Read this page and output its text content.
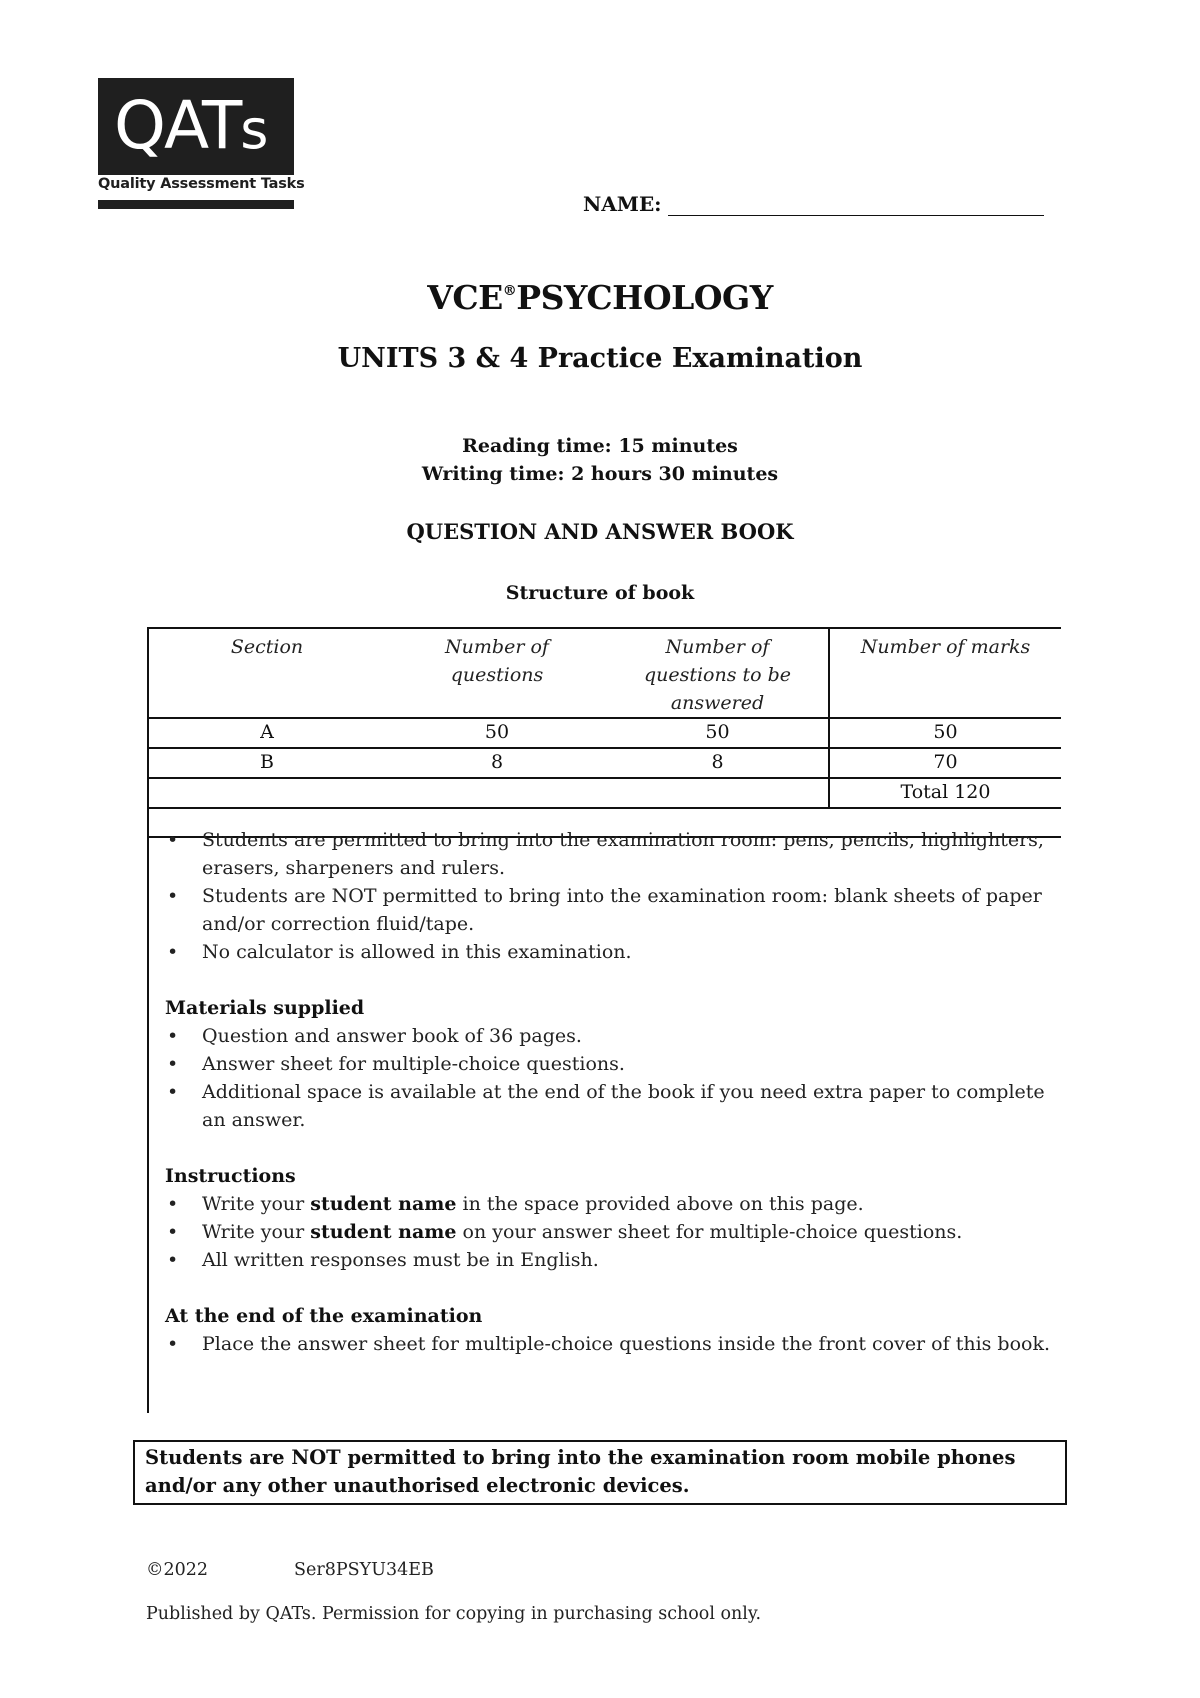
QATs
Quality Assessment Tasks
NAME:
VCE®PSYCHOLOGY
UNITS 3 & 4 Practice Examination
Reading time: 15 minutes
Writing time: 2 hours 30 minutes
QUESTION AND ANSWER BOOK
Structure of book
Section	Number of questions	Number of questions to be answered	Number of marks
A	50	50	50
B	8	8	70
			Total 120

• Students are permitted to bring into the examination room: pens, pencils, highlighters, erasers, sharpeners and rulers.
• Students are NOT permitted to bring into the examination room: blank sheets of paper and/or correction fluid/tape.
• No calculator is allowed in this examination.
Materials supplied
• Question and answer book of 36 pages.
• Answer sheet for multiple-choice questions.
• Additional space is available at the end of the book if you need extra paper to complete an answer.
Instructions
• Write your student name in the space provided above on this page.
• Write your student name on your answer sheet for multiple-choice questions.
• All written responses must be in English.
At the end of the examination
• Place the answer sheet for multiple-choice questions inside the front cover of this book.
Students are NOT permitted to bring into the examination room mobile phones and/or any other unauthorised electronic devices.
©2022	Ser8PSYU34EB
Published by QATs. Permission for copying in purchasing school only.
